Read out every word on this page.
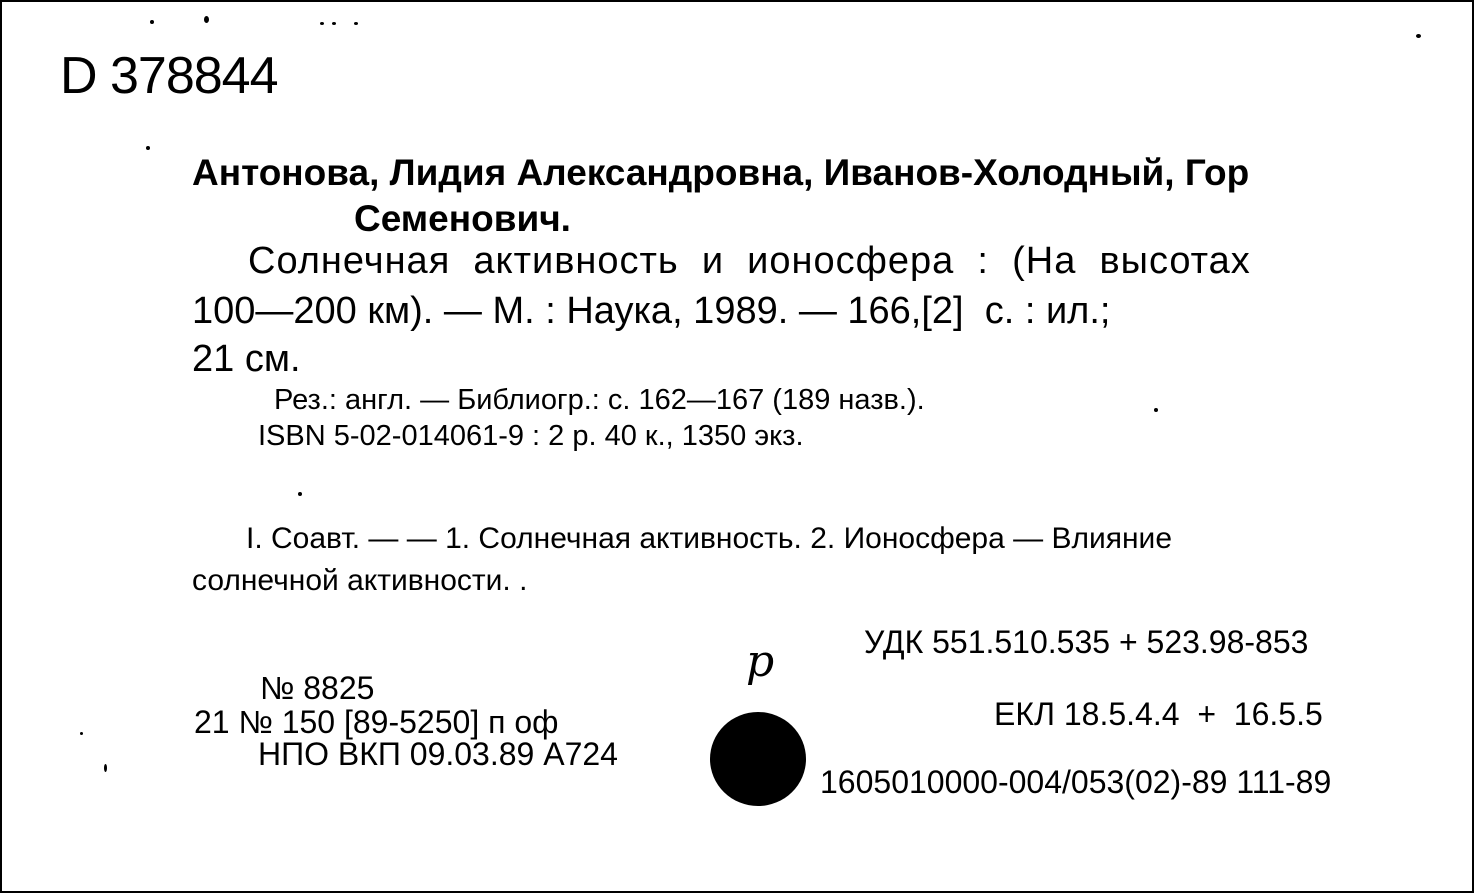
D 378844
Антонова, Лидия Александровна, Иванов-Холодный, Гор
Семенович.
Солнечная  активность  и  ионосфера  :  (На  высотах
100—200 км). — М. : Наука, 1989. — 166,[2]  с. : ил.;
21 см.
Рез.: англ. — Библиогр.: с. 162—167 (189 назв.).
ISBN 5-02-014061-9 : 2 р. 40 к., 1350 экз.
I. Соавт. — — 1. Солнечная активность. 2. Ионосфера — Влияние
солнечной активности. .
УДК 551.510.535 + 523.98-853
ЕКЛ 18.5.4.4  +  16.5.5
1605010000-004/053(02)-89 111-89
№ 8825
21 № 150 [89-5250] п оф
НПО ВКП 09.03.89 А724
р
